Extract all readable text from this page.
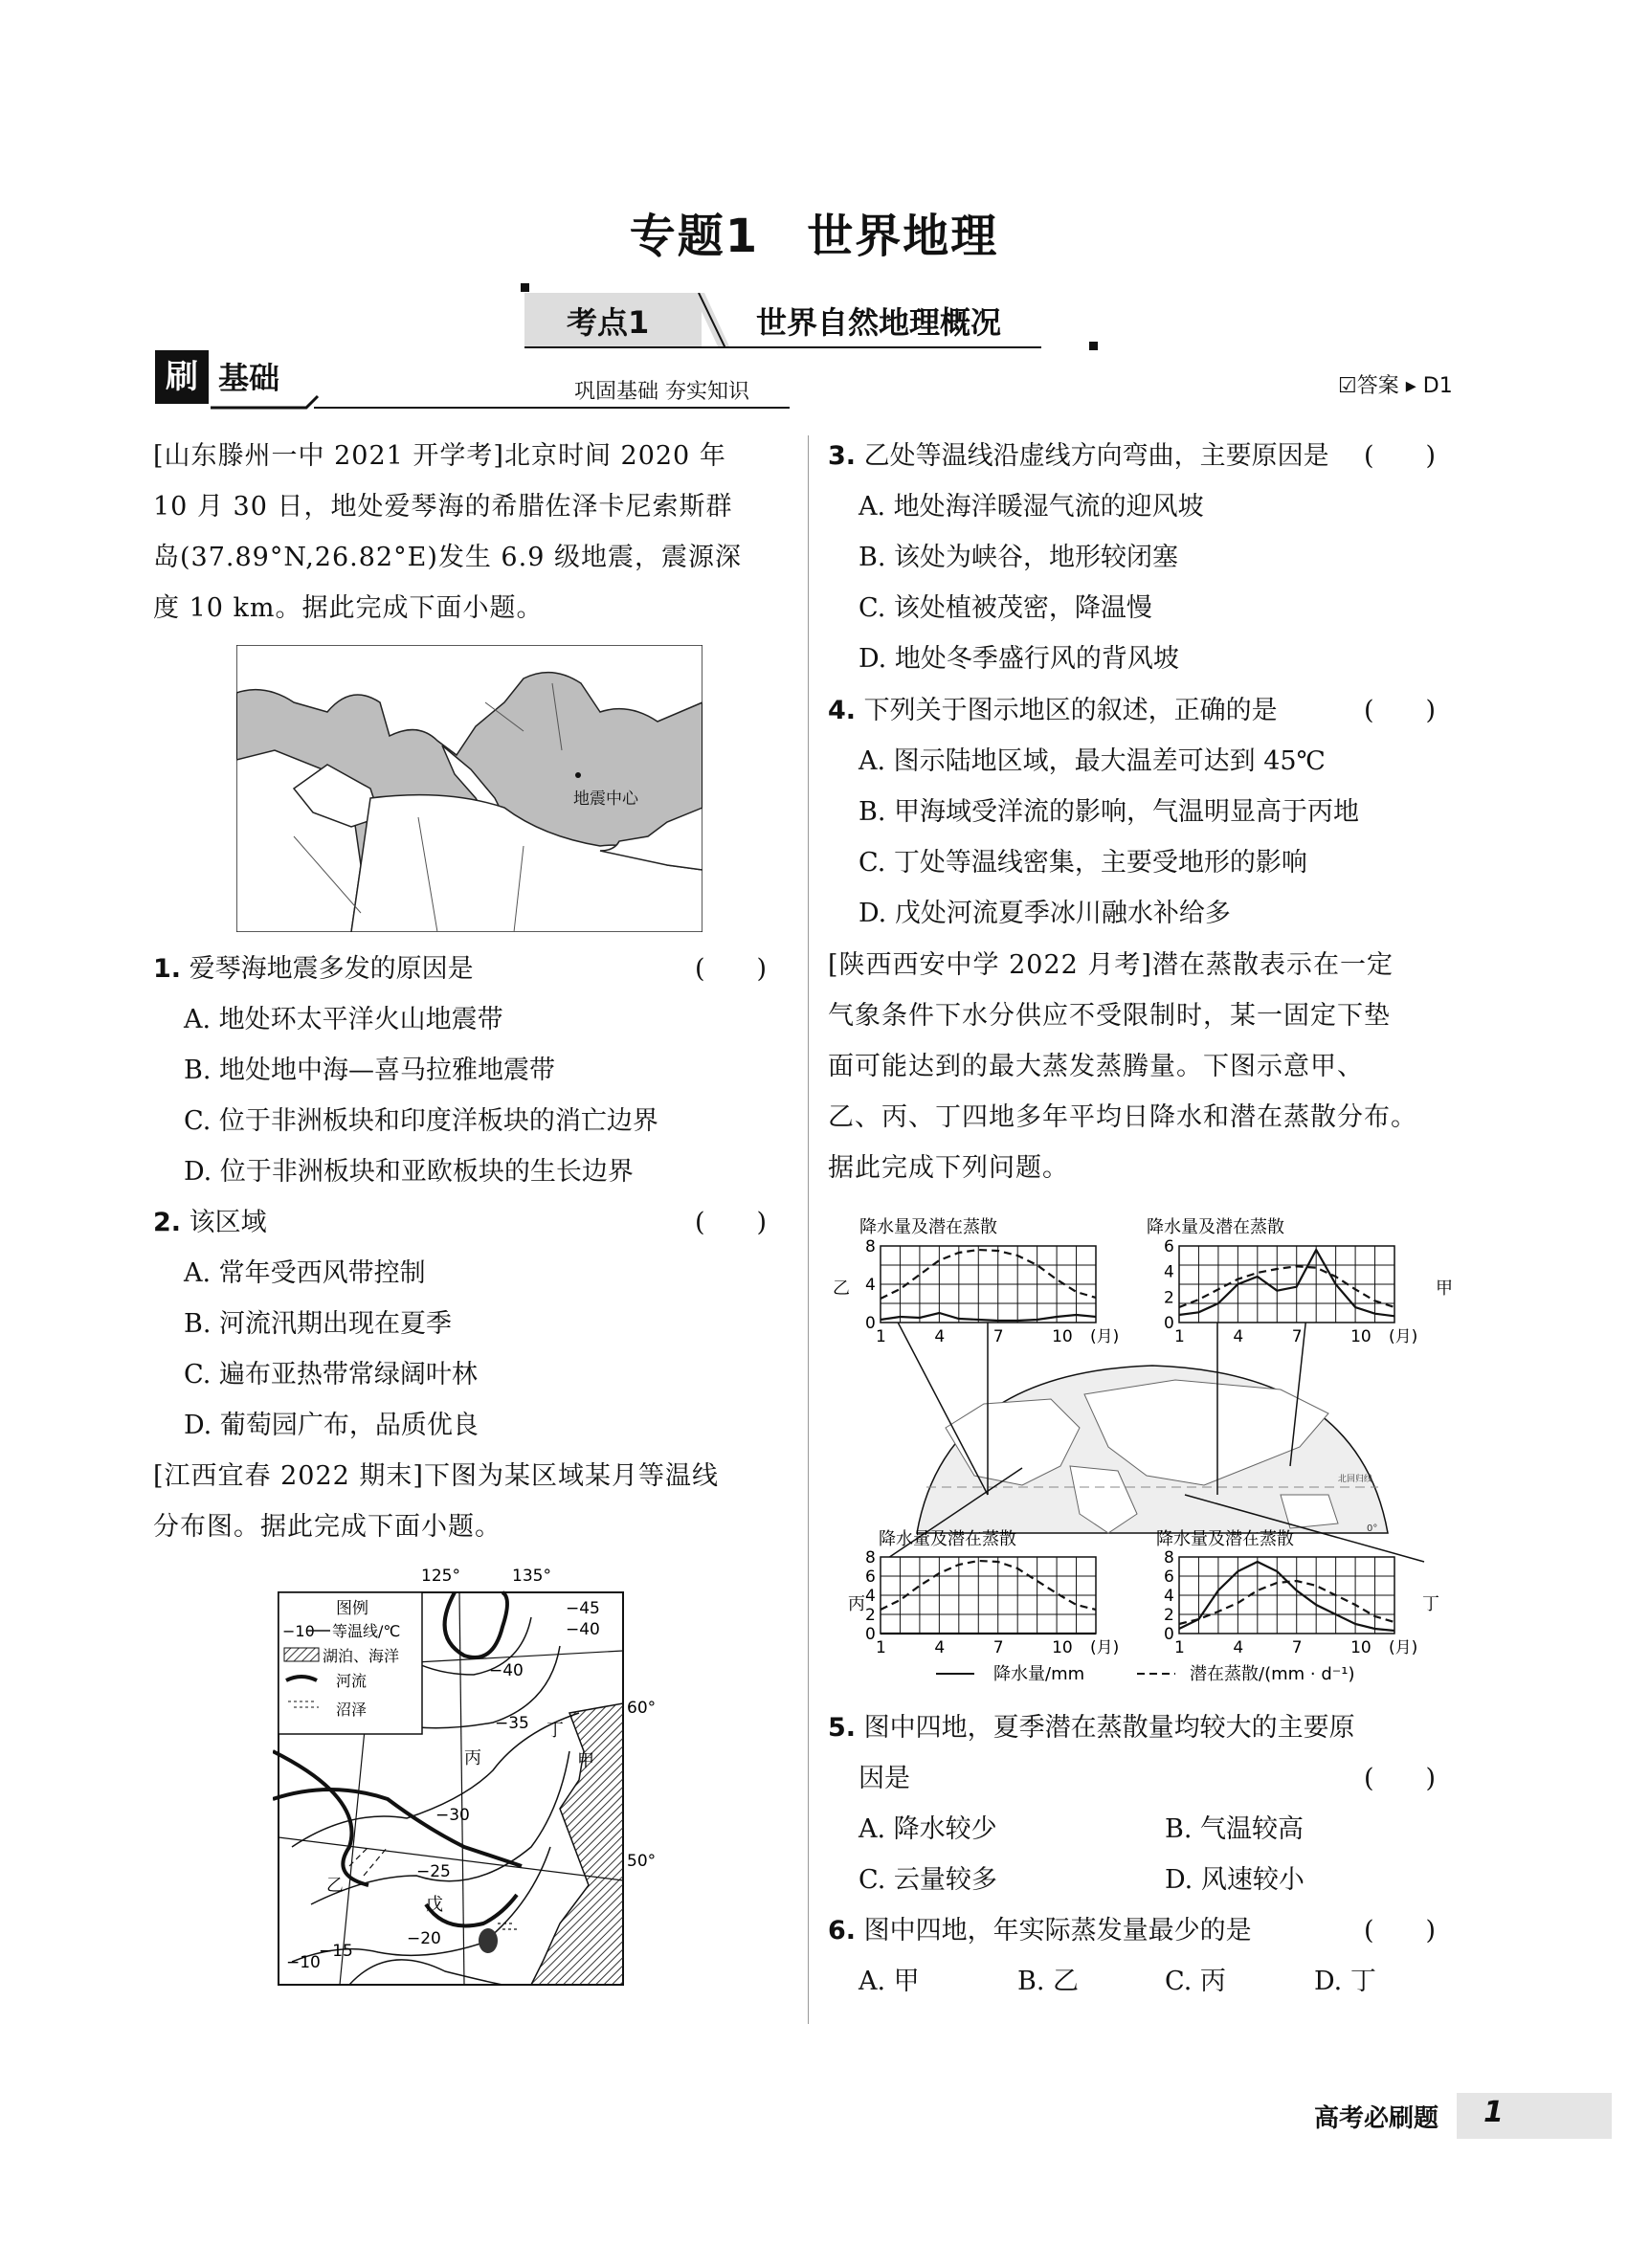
专题1 世界地理
考点1	世界自然地理概况
刷 基础	巩固基础 夯实知识	☑答案 ▸ D1
[山东滕州一中 2021 开学考]北京时间 2020 年
10 月 30 日，地处爱琴海的希腊佐泽卡尼索斯群
岛(37.89°N,26.82°E)发生 6.9 级地震，震源深
度 10 km。据此完成下面小题。
地震中心
1. 爱琴海地震多发的原因是	(　　)
A. 地处环太平洋火山地震带
B. 地处地中海—喜马拉雅地震带
C. 位于非洲板块和印度洋板块的消亡边界
D. 位于非洲板块和亚欧板块的生长边界
2. 该区域	(　　)
A. 常年受西风带控制
B. 河流汛期出现在夏季
C. 遍布亚热带常绿阔叶林
D. 葡萄园广布，品质优良
[江西宜春 2022 期末]下图为某区域某月等温线
分布图。据此完成下面小题。
125°	135°
图例
−10 等温线/℃
湖泊、海洋
河流
沼泽
−45
−40
−40
−35
−30
−25
−20
−15
−10
丙
丁
甲
乙
戊
60°
50°
3. 乙处等温线沿虚线方向弯曲，主要原因是 (　　)
A. 地处海洋暖湿气流的迎风坡
B. 该处为峡谷，地形较闭塞
C. 该处植被茂密，降温慢
D. 地处冬季盛行风的背风坡
4. 下列关于图示地区的叙述，正确的是	(　　)
A. 图示陆地区域，最大温差可达到 45℃
B. 甲海域受洋流的影响，气温明显高于丙地
C. 丁处等温线密集，主要受地形的影响
D. 戊处河流夏季冰川融水补给多
[陕西西安中学 2022 月考]潜在蒸散表示在一定
气象条件下水分供应不受限制时，某一固定下垫
面可能达到的最大蒸发蒸腾量。下图示意甲、
乙、丙、丁四地多年平均日降水和潜在蒸散分布。
据此完成下列问题。
北回归线
0°
降水量及潜在蒸散
乙
0
4
8
1	4	7	10 (月)
降水量及潜在蒸散
甲
0
2
4
6
1	4	7	10 (月)
降水量及潜在蒸散
丙
0
2
4
6
8
1	4	7	10 (月)
降水量及潜在蒸散
丁
0
2
4
6
8
1	4	7	10 (月)
降水量/mm	潜在蒸散/(mm · d⁻¹)
5. 图中四地，夏季潜在蒸散量均较大的主要原
因是	(　　)
A. 降水较少	B. 气温较高
C. 云量较多	D. 风速较小
6. 图中四地，年实际蒸发量最少的是	(　　)
A. 甲	B. 乙	C. 丙	D. 丁
高考必刷题 1
